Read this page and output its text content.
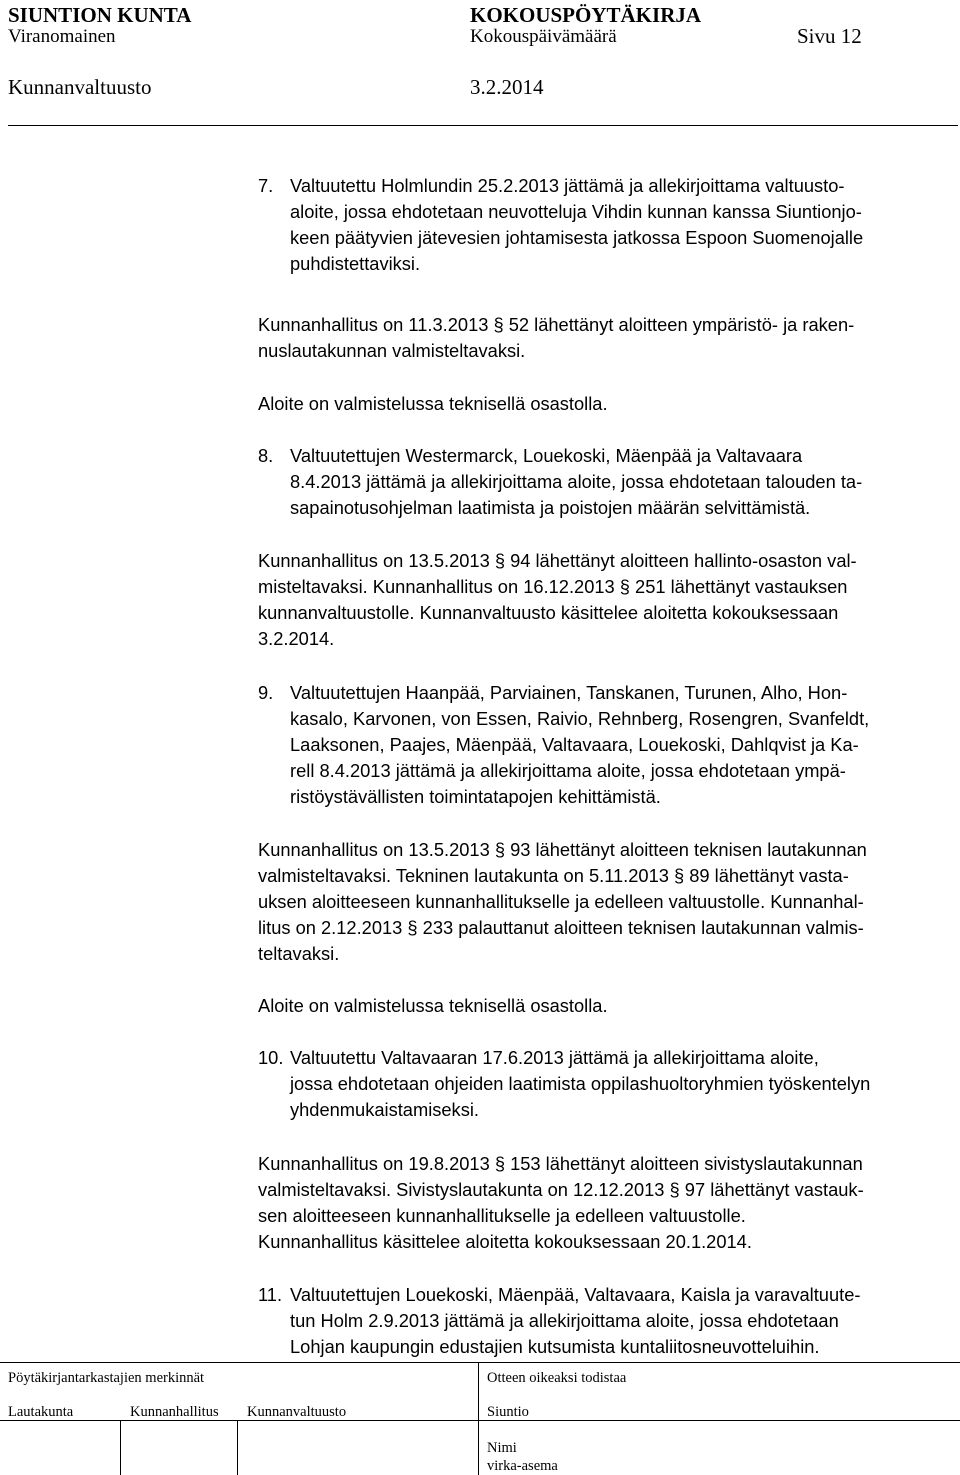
SIUNTION KUNTA
Viranomainen
KOKOUSPÖYTÄKIRJA
Kokouspäivämäärä	Sivu 12
Kunnanvaltuusto	3.2.2014
7. Valtuutettu Holmlundin 25.2.2013 jättämä ja allekirjoittama valtuusto-
aloite, jossa ehdotetaan neuvotteluja Vihdin kunnan kanssa Siuntionjo-
keen päätyvien jätevesien johtamisesta jatkossa Espoon Suomenojalle
puhdistettaviksi.
Kunnanhallitus on 11.3.2013 § 52 lähettänyt aloitteen ympäristö- ja raken-
nuslautakunnan valmisteltavaksi.
Aloite on valmistelussa teknisellä osastolla.
8. Valtuutettujen Westermarck, Louekoski, Mäenpää ja Valtavaara
8.4.2013 jättämä ja allekirjoittama aloite, jossa ehdotetaan talouden ta-
sapainotusohjelman laatimista ja poistojen määrän selvittämistä.
Kunnanhallitus on 13.5.2013 § 94 lähettänyt aloitteen hallinto-osaston val-
misteltavaksi. Kunnanhallitus on 16.12.2013 § 251 lähettänyt vastauksen
kunnanvaltuustolle. Kunnanvaltuusto käsittelee aloitetta kokouksessaan
3.2.2014.
9. Valtuutettujen Haanpää, Parviainen, Tanskanen, Turunen, Alho, Hon-
kasalo, Karvonen, von Essen, Raivio, Rehnberg, Rosengren, Svanfeldt,
Laaksonen, Paajes, Mäenpää, Valtavaara, Louekoski, Dahlqvist ja Ka-
rell 8.4.2013 jättämä ja allekirjoittama aloite, jossa ehdotetaan ympä-
ristöystävällisten toimintatapojen kehittämistä.
Kunnanhallitus on 13.5.2013 § 93 lähettänyt aloitteen teknisen lautakunnan
valmisteltavaksi. Tekninen lautakunta on 5.11.2013 § 89 lähettänyt vasta-
uksen aloitteeseen kunnanhallitukselle ja edelleen valtuustolle. Kunnanhal-
litus on 2.12.2013 § 233 palauttanut aloitteen teknisen lautakunnan valmis-
teltavaksi.
Aloite on valmistelussa teknisellä osastolla.
10. Valtuutettu Valtavaaran 17.6.2013 jättämä ja allekirjoittama aloite,
jossa ehdotetaan ohjeiden laatimista oppilashuoltoryhmien työskentelyn
yhdenmukaistamiseksi.
Kunnanhallitus on 19.8.2013 § 153 lähettänyt aloitteen sivistyslautakunnan
valmisteltavaksi. Sivistyslautakunta on 12.12.2013 § 97 lähettänyt vastauk-
sen aloitteeseen kunnanhallitukselle ja edelleen valtuustolle.
Kunnanhallitus käsittelee aloitetta kokouksessaan 20.1.2014.
11. Valtuutettujen Louekoski, Mäenpää, Valtavaara, Kaisla ja varavaltuute-
tun Holm 2.9.2013 jättämä ja allekirjoittama aloite, jossa ehdotetaan
Lohjan kaupungin edustajien kutsumista kuntaliitosneuvotteluihin.
Pöytäkirjantarkastajien merkinnät
Lautakunta	Kunnanhallitus Kunnanvaltuusto
Otteen oikeaksi todistaa
Siuntio
Nimi
virka-asema
